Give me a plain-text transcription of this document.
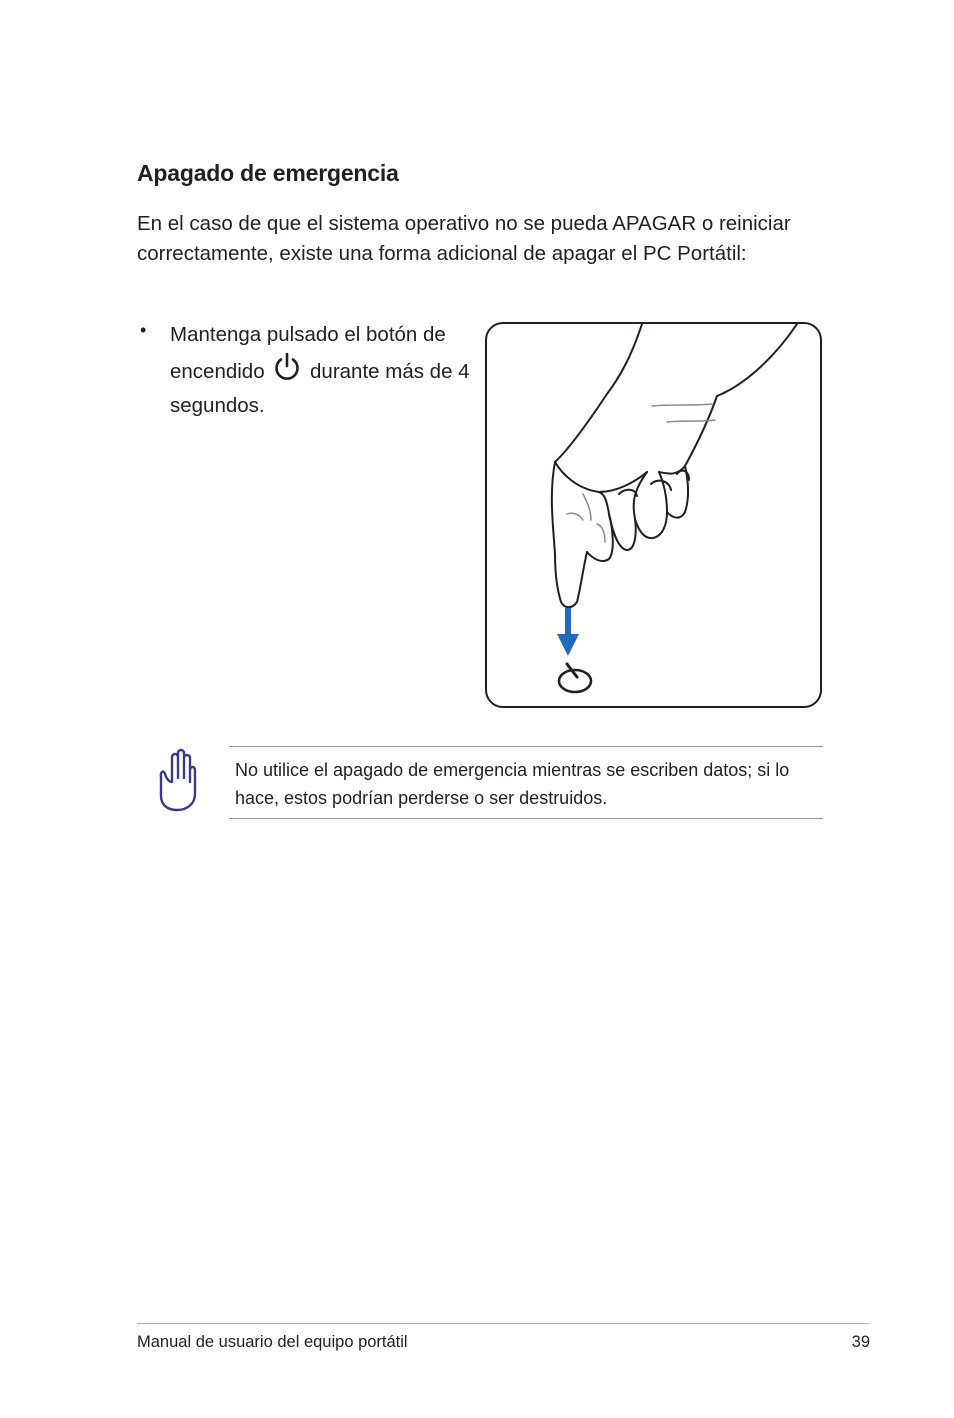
Apagado de emergencia
En el caso de que el sistema operativo no se pueda APAGAR o reiniciar correctamente, existe una forma adicional de apagar el PC Portátil:
• Mantenga pulsado el botón de encendido durante más de 4 segundos.
No utilice el apagado de emergencia mientras se escriben datos; si lo hace, estos podrían perderse o ser destruidos.
Manual de usuario del equipo portátil	39
